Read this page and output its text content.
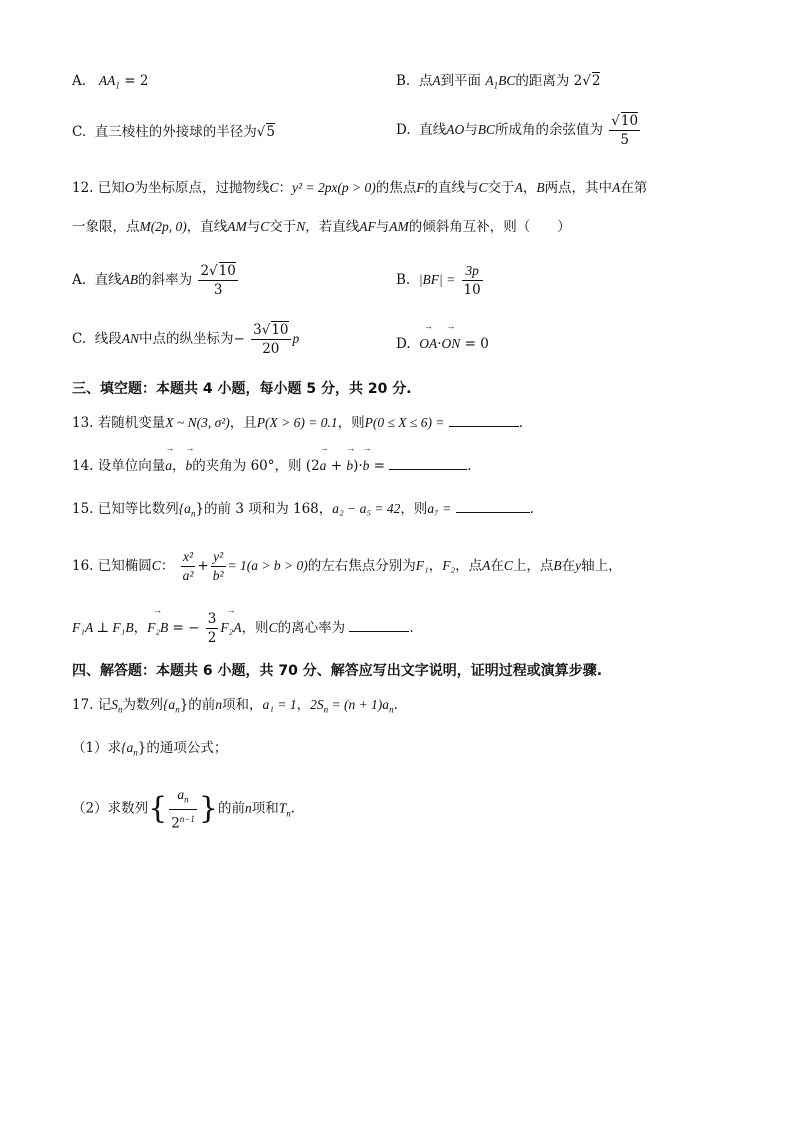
A. $AA_1 = 2$	B. 点A到平面 $A_1BC$的距离为 2√2
C. 直三棱柱的外接球的半径为√5	D. 直线AO与BC所成角的余弦值为 $\frac{√10}{5}$
12. 已知O为坐标原点，过抛物线C：y² = 2px(p > 0)的焦点F的直线与C交于A，B两点，其中A在第
一象限，点M(2p, 0)，直线AM与C交于N，若直线AF与AM的倾斜角互补，则（　　）
A. 直线AB的斜率为 $\frac{2√10}{3}$	B. $|BF| = \frac{3p}{10}$
C. 线段AN中点的纵坐标为− $\frac{3√10}{20}$ p	D.  → OA·→ ON = 0
三、填空题：本题共 4 小题，每小题 5 分，共 20 分.
13. 若随机变量X ~ N(3, σ²)，且P(X > 6) = 0.1，则P(0 ≤ X ≤ 6) =	.
14. 设单位向量→ a，→ b的夹角为 60°，则 (2→ a + → b)·→ b =	.
15. 已知等比数列$\{a_n\}$的前 3 项和为 168，a₂ − a₅ = 42，则a₇ =	.
16. 已知椭圆C： $\frac{\text{x²}}{\text{a²}} + \frac{\text{y²}}{\text{b²}} = 1(a > b > 0)$的左右焦点分别为F₁，F₂，点A在C上，点B在y轴上，
F₁A ⊥ F₁B，→ F₂B = − $\frac{3}{2}$
→ F₂A，则C的离心率为	.
四、解答题：本题共 6 小题，共 70 分、解答应写出文字说明，证明过程或演算步骤.
17. 记$S_n$为数列$\{a_n\}$的前n项和，a₁ = 1，$2S_n = (n + 1)a_n$.
（1）求$\{a_n\}$的通项公式；
（2）求数列{ $\frac{a_n}{2^{n-1}}$ }的前n项和$T_n$.
